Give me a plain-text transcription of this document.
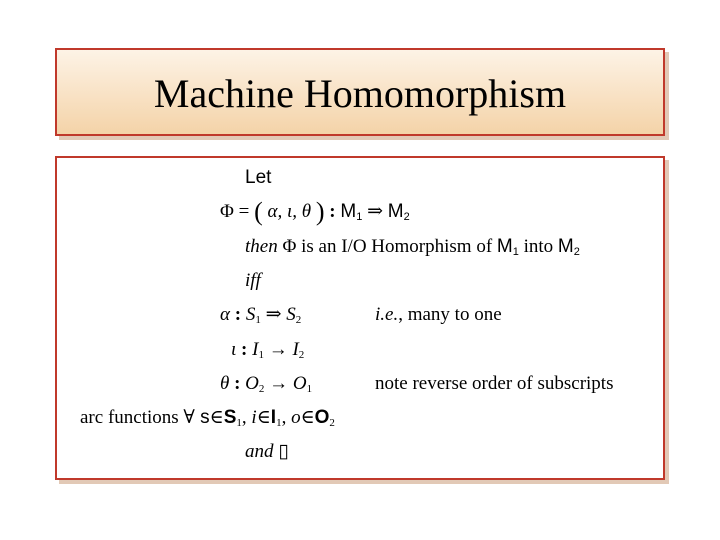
Machine Homomorphism
Let
Φ = ( α, ι, θ ) : $M_1$ ⇒ $M_2$
then Φ is an I/O Homorphism of $M_1$ into $M_2$
iff
α : $S_1$ ⇒ $S_2$	i.e., many to one
ι : $I_1 \to I_2$
θ : $O_2 \to O_1$	note reverse order of subscripts
arc functions ∀ $s\in S_1$, $i\in I_1$, $o\in O_2$
and ▯
